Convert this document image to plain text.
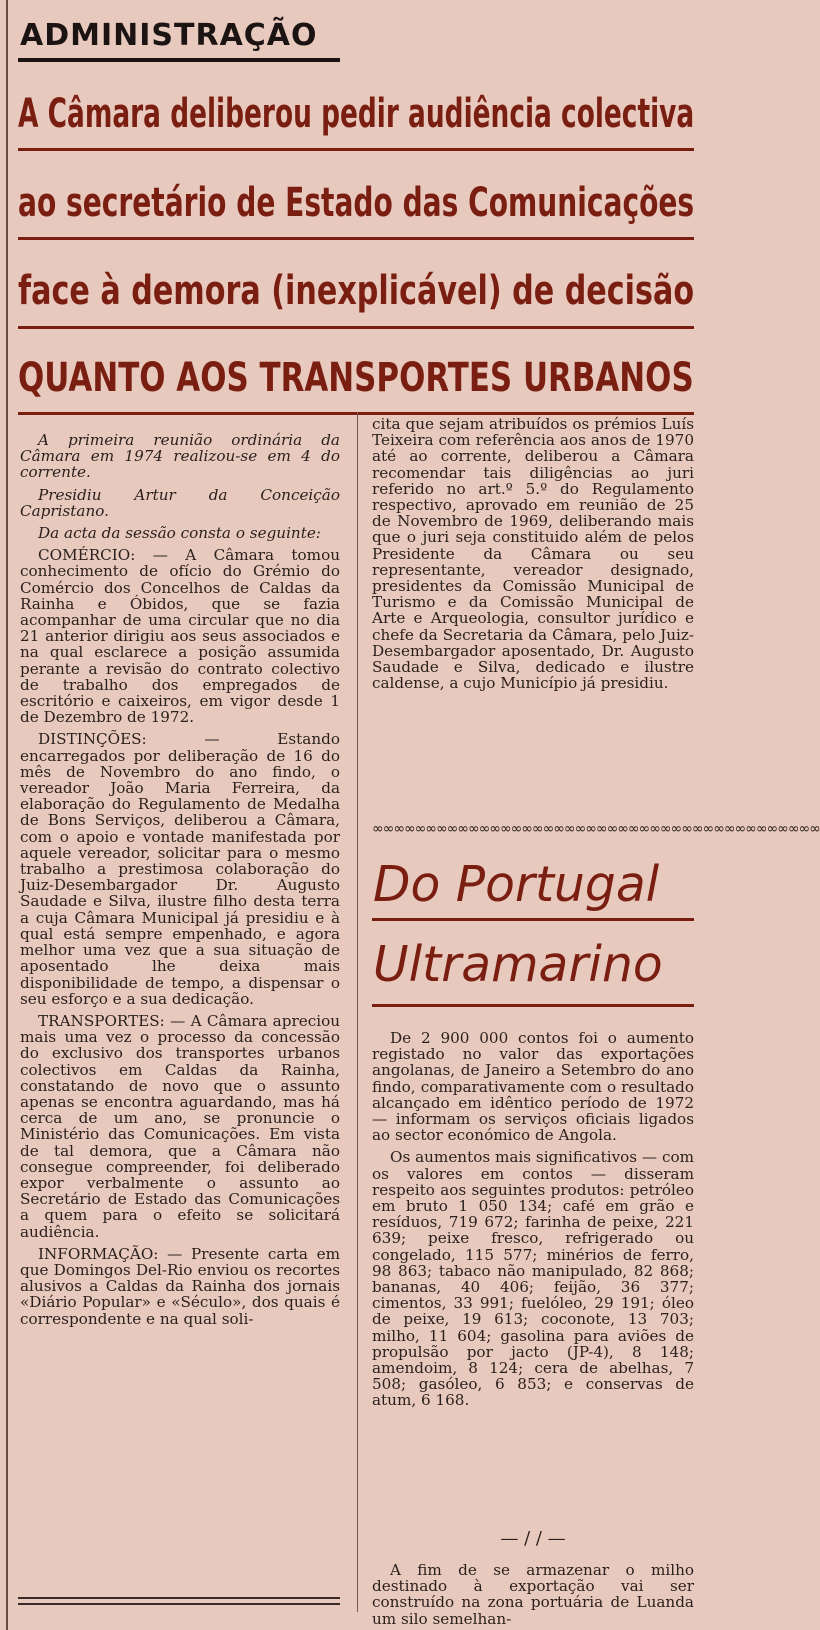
ADMINISTRAÇÃO
A Câmara deliberou pedir audiência colectiva
ao secretário de Estado das Comunicações
face à demora (inexplicável) de decisão
QUANTO AOS TRANSPORTES URBANOS

A primeira reunião ordinária da Câmara em 1974 realizou-se em 4 do corrente.

Presidiu Artur da Conceição Capristano.

Da acta da sessão consta o seguinte:

COMÉRCIO: — A Câmara tomou conhecimento de ofício do Grémio do Comércio dos Concelhos de Caldas da Rainha e Óbidos, que se fazia acompanhar de uma circular que no dia 21 anterior dirigiu aos seus associados e na qual esclarece a posição assumida perante a revisão do contrato colectivo de trabalho dos empregados de escritório e caixeiros, em vigor desde 1 de Dezembro de 1972.

DISTINÇÕES: — Estando encarregados por deliberação de 16 do mês de Novembro do ano findo, o vereador João Maria Ferreira, da elaboração do Regulamento de Medalha de Bons Serviços, deliberou a Câmara, com o apoio e vontade manifestada por aquele vereador, solicitar para o mesmo trabalho a prestimosa colaboração do Juiz-Desembargador Dr. Augusto Saudade e Silva, ilustre filho desta terra a cuja Câmara Municipal já presidiu e à qual está sempre empenhado, e agora melhor uma vez que a sua situação de aposentado lhe deixa mais disponibilidade de tempo, a dispensar o seu esforço e a sua dedicação.

TRANSPORTES: — A Câmara apreciou mais uma vez o processo da concessão do exclusivo dos transportes urbanos colectivos em Caldas da Rainha, constatando de novo que o assunto apenas se encontra aguardando, mas há cerca de um ano, se pronuncie o Ministério das Comunicações. Em vista de tal demora, que a Câmara não consegue compreender, foi deliberado expor verbalmente o assunto ao Secretário de Estado das Comunicações a quem para o efeito se solicitará audiência.

INFORMAÇÃO: — Presente carta em que Domingos Del-Rio enviou os recortes alusivos a Caldas da Rainha dos jornais «Diário Popular» e «Século», dos quais é correspondente e na qual soli-

cita que sejam atribuídos os prémios Luís Teixeira com referência aos anos de 1970 até ao corrente, deliberou a Câmara recomendar tais diligências ao juri referido no art.º 5.º do Regulamento respectivo, aprovado em reunião de 25 de Novembro de 1969, deliberando mais que o juri seja constituido além de pelos Presidente da Câmara ou seu representante, vereador designado, presidentes da Comissão Municipal de Turismo e da Comissão Municipal de Arte e Arqueologia, consultor jurídico e chefe da Secretaria da Câmara, pelo Juiz-Desembargador aposentado, Dr. Augusto Saudade e Silva, dedicado e ilustre caldense, a cujo Município já presidiu.

∞∞∞∞∞∞∞∞∞∞∞∞∞∞∞∞∞∞∞∞∞∞∞∞∞∞∞∞∞∞∞∞∞∞∞∞∞∞∞∞∞∞
Do Portugal
Ultramarino

De 2 900 000 contos foi o aumento registado no valor das exportações angolanas, de Janeiro a Setembro do ano findo, comparativamente com o resultado alcançado em idêntico período de 1972 — informam os serviços oficiais ligados ao sector económico de Angola.

Os aumentos mais significativos — com os valores em contos — disseram respeito aos seguintes produtos: petróleo em bruto 1 050 134; café em grão e resíduos, 719 672; farinha de peixe, 221 639; peixe fresco, refrigerado ou congelado, 115 577; minérios de ferro, 98 863; tabaco não manipulado, 82 868; bananas, 40 406; feijão, 36 377; cimentos, 33 991; fuelóleo, 29 191; óleo de peixe, 19 613; coconote, 13 703; milho, 11 604; gasolina para aviões de propulsão por jacto (JP-4), 8 148; amendoim, 8 124; cera de abelhas, 7 508; gasóleo, 6 853; e conservas de atum, 6 168.

— / / —

A fim de se armazenar o milho destinado à exportação vai ser construído na zona portuária de Luanda um silo semelhan-
